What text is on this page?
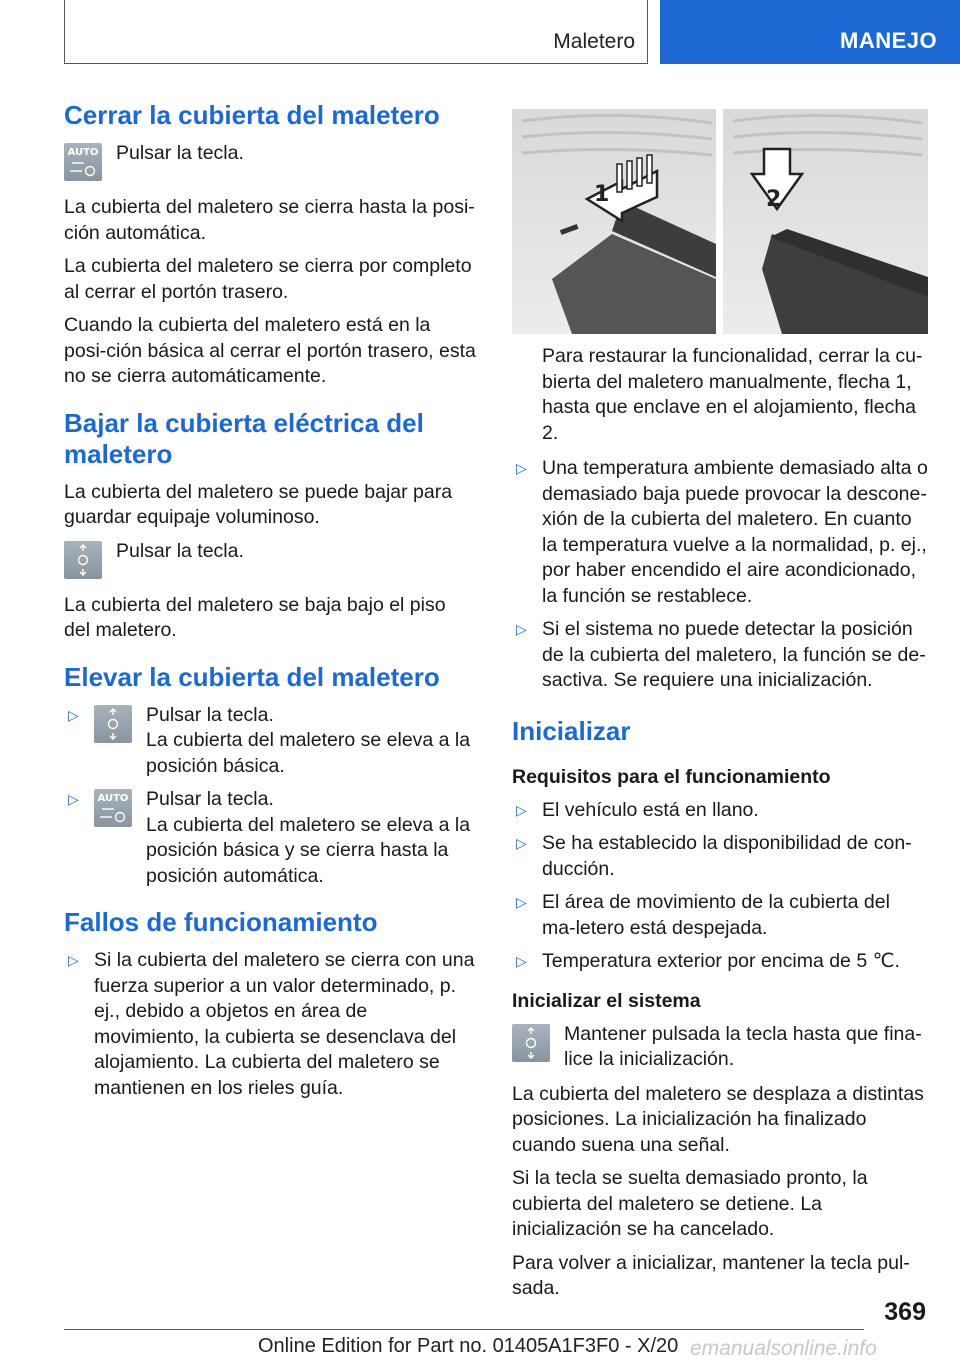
Maletero	MANEJO
Cerrar la cubierta del maletero
AUTO Pulsar la tecla.

La cubierta del maletero se cierra hasta la posi‐ción automática.

La cubierta del maletero se cierra por completo al cerrar el portón trasero.

Cuando la cubierta del maletero está en la posi‐ción básica al cerrar el portón trasero, esta no se cierra automáticamente.

Bajar la cubierta eléctrica del maletero

La cubierta del maletero se puede bajar para guardar equipaje voluminoso.

Pulsar la tecla.

La cubierta del maletero se baja bajo el piso del maletero.

Elevar la cubierta del maletero
▷	Pulsar la tecla.
La cubierta del maletero se eleva a la posición básica.
▷ AUTO Pulsar la tecla.
La cubierta del maletero se eleva a la posición básica y se cierra hasta la posición automática.
Fallos de funcionamiento
▷ Si la cubierta del maletero se cierra con una fuerza superior a un valor determinado, p. ej., debido a objetos en área de movimiento, la cubierta se desenclava del alojamiento. La cubierta del maletero se mantienen en los rieles guía.
1	2
Para restaurar la funcionalidad, cerrar la cu‐bierta del maletero manualmente, flecha 1, hasta que enclave en el alojamiento, flecha 2.
▷ Una temperatura ambiente demasiado alta o demasiado baja puede provocar la descone‐xión de la cubierta del maletero. En cuanto la temperatura vuelve a la normalidad, p. ej., por haber encendido el aire acondicionado, la función se restablece.
▷ Si el sistema no puede detectar la posición de la cubierta del maletero, la función se de‐sactiva. Se requiere una inicialización.
Inicializar
Requisitos para el funcionamiento
▷ El vehículo está en llano.
▷ Se ha establecido la disponibilidad de con‐ducción.
▷ El área de movimiento de la cubierta del ma‐letero está despejada.
▷ Temperatura exterior por encima de 5 ℃.
Inicializar el sistema
Mantener pulsada la tecla hasta que fina‐lice la inicialización.

La cubierta del maletero se desplaza a distintas posiciones. La inicialización ha finalizado cuando suena una señal.

Si la tecla se suelta demasiado pronto, la cubierta del maletero se detiene. La inicialización se ha cancelado.

Para volver a inicializar, mantener la tecla pul‐sada.

369
Online Edition for Part no. 01405A1F3F0 - X/20 emanualsonline.info
